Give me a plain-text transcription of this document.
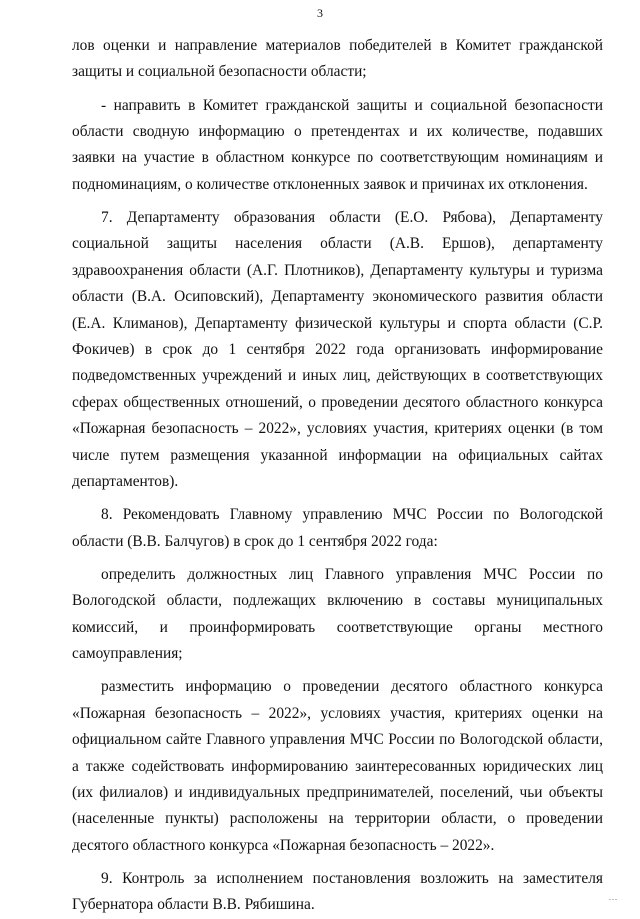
3

лов оценки и направление материалов победителей в Комитет гражданской защиты и социальной безопасности области;

- направить в Комитет гражданской защиты и социальной безопасности области сводную информацию о претендентах и их количестве, подавших заявки на участие в областном конкурсе по соответствующим номинациям и подноминациям, о количестве отклоненных заявок и причинах их отклонения.

7. Департаменту образования области (Е.О. Рябова), Департаменту социальной защиты населения области (А.В. Ершов), департаменту здравоохранения области (А.Г. Плотников), Департаменту культуры и туризма области (В.А. Осиповский), Департаменту экономического развития области (Е.А. Климанов), Департаменту физической культуры и спорта области (С.Р. Фокичев) в срок до 1 сентября 2022 года организовать информирование подведомственных учреждений и иных лиц, действующих в соответствующих сферах общественных отношений, о проведении десятого областного конкурса «Пожарная безопасность – 2022», условиях участия, критериях оценки (в том числе путем размещения указанной информации на официальных сайтах департаментов).

8. Рекомендовать Главному управлению МЧС России по Вологодской области (В.В. Балчугов) в срок до 1 сентября 2022 года:

определить должностных лиц Главного управления МЧС России по Вологодской области, подлежащих включению в составы муниципальных комиссий, и проинформировать соответствующие органы местного самоуправления;

разместить информацию о проведении десятого областного конкурса «Пожарная безопасность – 2022», условиях участия, критериях оценки на официальном сайте Главного управления МЧС России по Вологодской области, а также содействовать информированию заинтересованных юридических лиц (их филиалов) и индивидуальных предпринимателей, поселений, чьи объекты (населенные пункты) расположены на территории области, о проведении десятого областного конкурса «Пожарная безопасность – 2022».

9. Контроль за исполнением постановления возложить на заместителя Губернатора области В.В. Рябишина.	...
